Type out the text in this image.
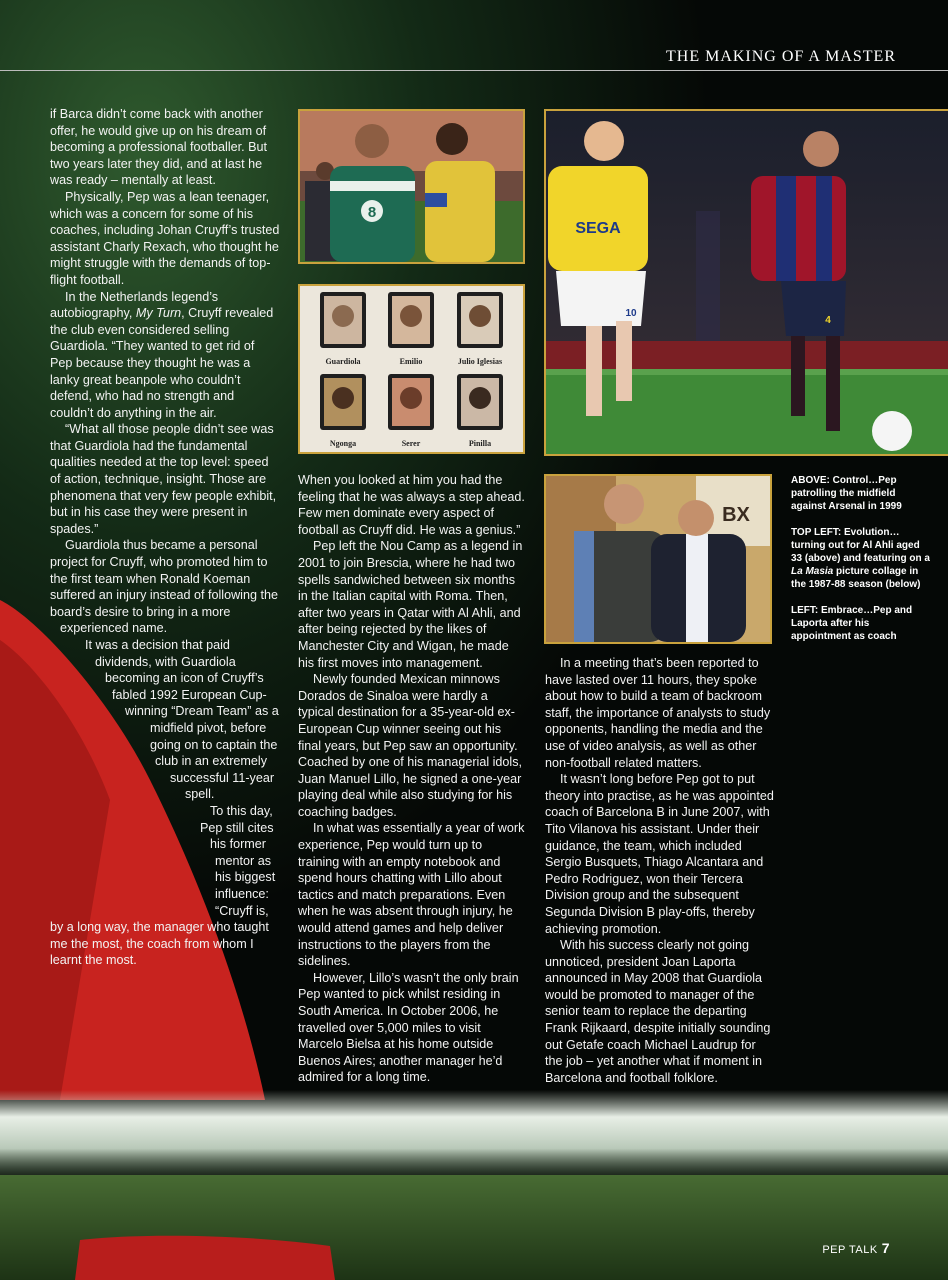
THE MAKING OF A MASTER

if Barca didn’t come back with another offer, he would give up on his dream of becoming a professional footballer. But two years later they did, and at last he was ready – mentally at least.

Physically, Pep was a lean teenager, which was a concern for some of his coaches, including Johan Cruyff’s trusted assistant Charly Rexach, who thought he might struggle with the demands of top-flight football.

In the Netherlands legend’s autobiography, My Turn, Cruyff revealed the club even considered selling Guardiola. “They wanted to get rid of Pep because they thought he was a lanky great beanpole who couldn’t defend, who had no strength and couldn’t do anything in the air.

“What all those people didn’t see was that Guardiola had the fundamental qualities needed at the top level: speed of action, technique, insight. Those are phenomena that very few people exhibit, but in his case they were present in spades.”

Guardiola thus became a personal project for Cruyff, who promoted him to the first team when Ronald Koeman suffered an injury instead of following the board’s desire to bring in a more experienced name.

It was a decision that paid dividends, with Guardiola becoming an icon of Cruyff’s fabled 1992 European Cup-winning “Dream Team” as a midfield pivot, before going on to captain the club in an extremely successful 11-year spell.

To this day, Pep still cites his former mentor as his biggest influence: “Cruyff is, by a long way, the manager who taught me the most, the coach from whom I learnt the most.

8
Guardiola	Emilio	Julio Iglesias
Ngonga	Serer	Pinilla
SEGA
10
4
BX

When you looked at him you had the feeling that he was always a step ahead. Few men dominate every aspect of football as Cruyff did. He was a genius.”

Pep left the Nou Camp as a legend in 2001 to join Brescia, where he had two spells sandwiched between six months in the Italian capital with Roma. Then, after two years in Qatar with Al Ahli, and after being rejected by the likes of Manchester City and Wigan, he made his first moves into management.

Newly founded Mexican minnows Dorados de Sinaloa were hardly a typical destination for a 35-year-old ex-European Cup winner seeing out his final years, but Pep saw an opportunity. Coached by one of his managerial idols, Juan Manuel Lillo, he signed a one-year playing deal while also studying for his coaching badges.

In what was essentially a year of work experience, Pep would turn up to training with an empty notebook and spend hours chatting with Lillo about tactics and match preparations. Even when he was absent through injury, he would attend games and help deliver instructions to the players from the sidelines.

However, Lillo’s wasn’t the only brain Pep wanted to pick whilst residing in South America. In October 2006, he travelled over 5,000 miles to visit Marcelo Bielsa at his home outside Buenos Aires; another manager he’d admired for a long time.

In a meeting that’s been reported to have lasted over 11 hours, they spoke about how to build a team of backroom staff, the importance of analysts to study opponents, handling the media and the use of video analysis, as well as other non-football related matters.

It wasn’t long before Pep got to put theory into practise, as he was appointed coach of Barcelona B in June 2007, with Tito Vilanova his assistant. Under their guidance, the team, which included Sergio Busquets, Thiago Alcantara and Pedro Rodriguez, won their Tercera Division group and the subsequent Segunda Division B play-offs, thereby achieving promotion.

With his success clearly not going unnoticed, president Joan Laporta announced in May 2008 that Guardiola would be promoted to manager of the senior team to replace the departing Frank Rijkaard, despite initially sounding out Getafe coach Michael Laudrup for the job – yet another what if moment in Barcelona and football folklore.

ABOVE: Control…Pep patrolling the midfield against Arsenal in 1999

TOP LEFT: Evolution… turning out for Al Ahli aged 33 (above) and featuring on a La Masia picture collage in the 1987-88 season (below)

LEFT: Embrace…Pep and Laporta after his appointment as coach

PEP TALK 7
